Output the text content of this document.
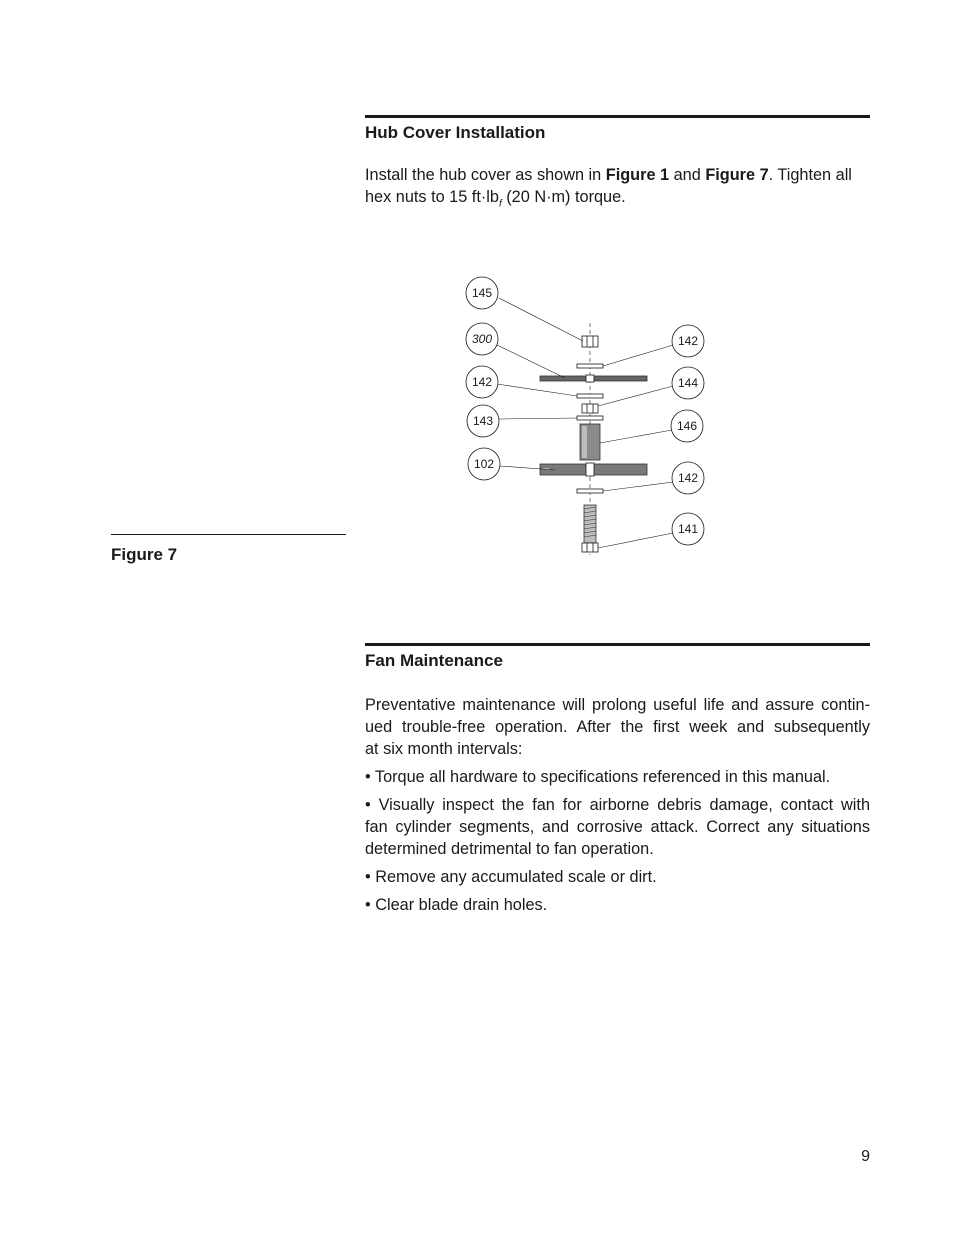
Hub Cover Installation

Install the hub cover as shown in Figure 1 and Figure 7. Tighten all
hex nuts to 15 $ft\cdot lb_f$ (20 N·m) torque.

Figure 7

145
300
142
143
102
142
144
146
142
141
Fan Maintenance
Preventative maintenance will prolong useful life and assure contin-
ued trouble-free operation. After the first week and subsequently
at six month intervals:

• Torque all hardware to specifications referenced in this manual.

• Visually inspect the fan for airborne debris damage, contact with
fan cylinder segments, and corrosive attack. Correct any situations
determined detrimental to fan operation.

• Remove any accumulated scale or dirt.

• Clear blade drain holes.

9
